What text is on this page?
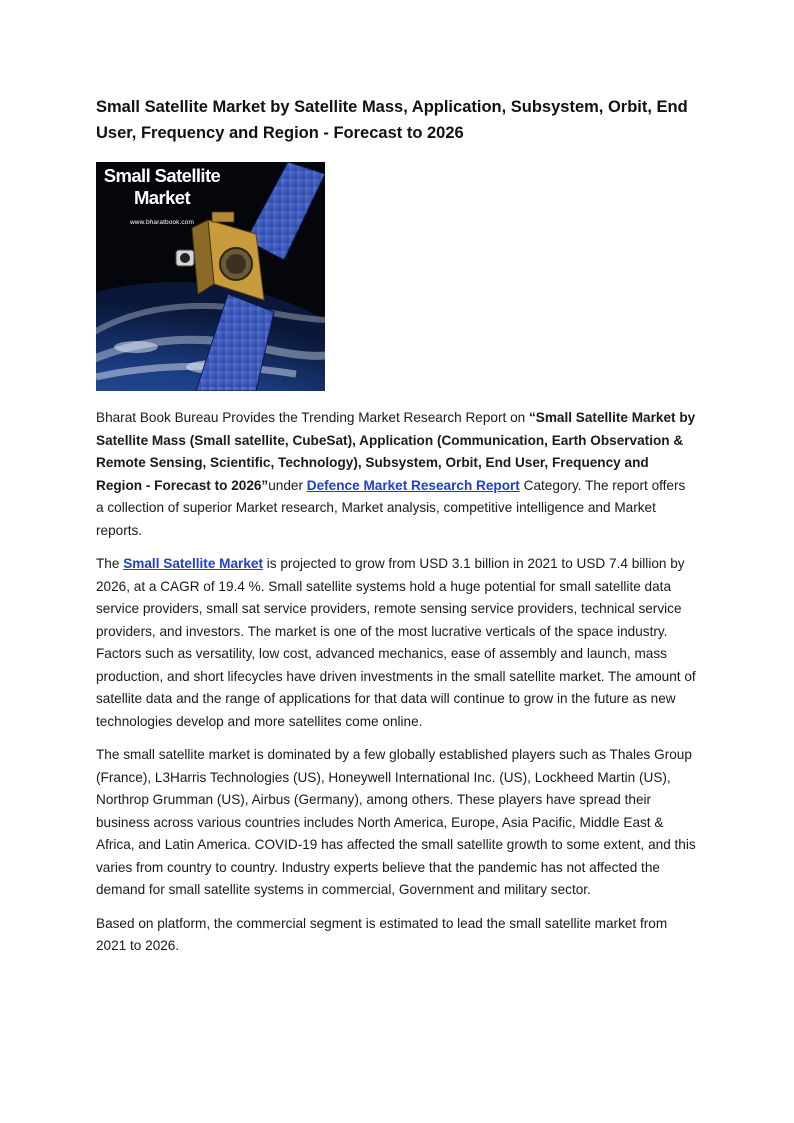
Small Satellite Market by Satellite Mass, Application, Subsystem, Orbit, End User, Frequency and Region - Forecast to 2026
Small Satellite
Market
www.bharatbook.com

Bharat Book Bureau Provides the Trending Market Research Report on “Small Satellite Market by Satellite Mass (Small satellite, CubeSat), Application (Communication, Earth Observation & Remote Sensing, Scientific, Technology), Subsystem, Orbit, End User, Frequency and Region - Forecast to 2026”under Defence Market Research Report Category. The report offers a collection of superior Market research, Market analysis, competitive intelligence and Market reports.

The Small Satellite Market is projected to grow from USD 3.1 billion in 2021 to USD 7.4 billion by 2026, at a CAGR of 19.4 %. Small satellite systems hold a huge potential for small satellite data service providers, small sat service providers, remote sensing service providers, technical service providers, and investors. The market is one of the most lucrative verticals of the space industry. Factors such as versatility, low cost, advanced mechanics, ease of assembly and launch, mass production, and short lifecycles have driven investments in the small satellite market. The amount of satellite data and the range of applications for that data will continue to grow in the future as new technologies develop and more satellites come online.

The small satellite market is dominated by a few globally established players such as Thales Group (France), L3Harris Technologies (US), Honeywell International Inc. (US), Lockheed Martin (US), Northrop Grumman (US), Airbus (Germany), among others. These players have spread their business across various countries includes North America, Europe, Asia Pacific, Middle East & Africa, and Latin America. COVID-19 has affected the small satellite growth to some extent, and this varies from country to country. Industry experts believe that the pandemic has not affected the demand for small satellite systems in commercial, Government and military sector.

Based on platform, the commercial segment is estimated to lead the small satellite market from 2021 to 2026.
